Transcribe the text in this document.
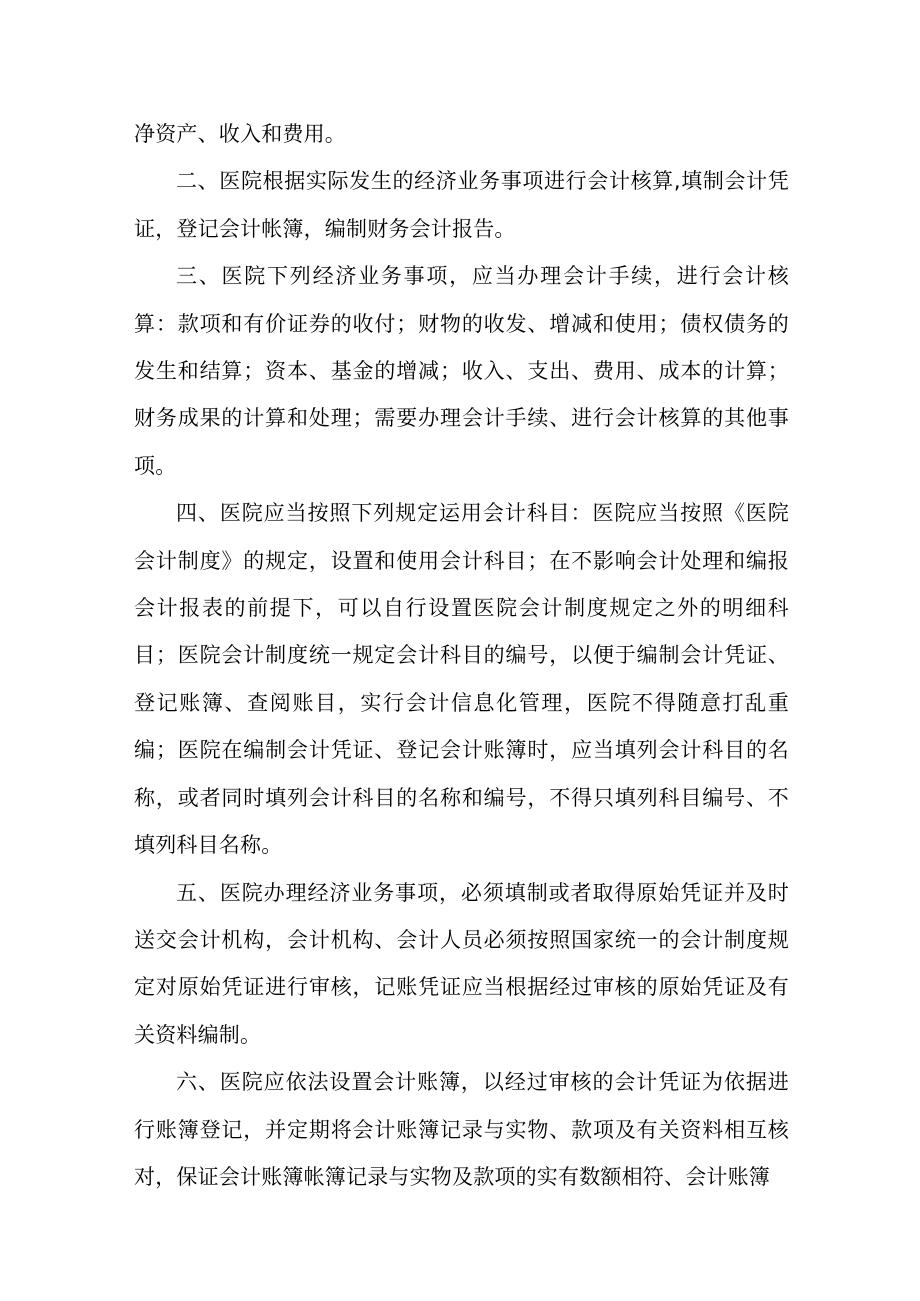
净资产、收入和费用。

二、医院根据实际发生的经济业务事项进行会计核算,填制会计凭证，登记会计帐簿，编制财务会计报告。

三、医院下列经济业务事项，应当办理会计手续，进行会计核算：款项和有价证券的收付；财物的收发、增减和使用；债权债务的发生和结算；资本、基金的增减；收入、支出、费用、成本的计算；财务成果的计算和处理；需要办理会计手续、进行会计核算的其他事项。

四、医院应当按照下列规定运用会计科目：医院应当按照《医院会计制度》的规定，设置和使用会计科目；在不影响会计处理和编报会计报表的前提下，可以自行设置医院会计制度规定之外的明细科目；医院会计制度统一规定会计科目的编号，以便于编制会计凭证、登记账簿、查阅账目，实行会计信息化管理，医院不得随意打乱重编；医院在编制会计凭证、登记会计账簿时，应当填列会计科目的名称，或者同时填列会计科目的名称和编号，不得只填列科目编号、不填列科目名称。

五、医院办理经济业务事项，必须填制或者取得原始凭证并及时送交会计机构，会计机构、会计人员必须按照国家统一的会计制度规定对原始凭证进行审核，记账凭证应当根据经过审核的原始凭证及有关资料编制。

六、医院应依法设置会计账簿，以经过审核的会计凭证为依据进行账簿登记，并定期将会计账簿记录与实物、款项及有关资料相互核对，保证会计账簿帐簿记录与实物及款项的实有数额相符、会计账簿
